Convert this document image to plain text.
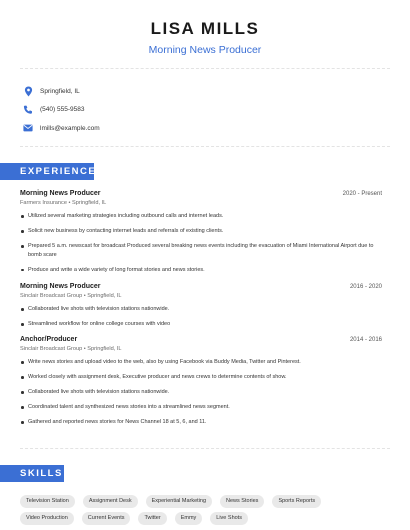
LISA MILLS
Morning News Producer
Springfield, IL
(540) 555-9583
lmills@example.com
EXPERIENCE
Morning News Producer	2020 - Present
Farmers Insurance • Springfield, IL
Utilized several marketing strategies including outbound calls and internet leads.
Solicit new business by contacting internet leads and referrals of existing clients.
Prepared 5 a.m. newscast for broadcast Produced several breaking news events including the evacuation of Miami International Airport due to bomb scare
Produce and write a wide variety of long format stories and news stories.
Morning News Producer	2016 - 2020
Sinclair Broadcast Group • Springfield, IL
Collaborated live shots with television stations nationwide.
Streamlined workflow for online college courses with video
Anchor/Producer	2014 - 2016
Sinclair Broadcast Group • Springfield, IL
Write news stories and upload video to the web, also by using Facebook via Buddy Media, Twitter and Pinterest.
Worked closely with assignment desk, Executive producer and news crews to determine contents of show.
Collaborated live shots with television stations nationwide.
Coordinated talent and synthesized news stories into a streamlined news segment.
Gathered and reported news stories for News Channel 18 at 5, 6, and 11.
SKILLS
Television Station	Assignment Desk	Experiential Marketing	News Stories	Sports Reports
Video Production	Current Events	Twitter	Emmy	Live Shots
